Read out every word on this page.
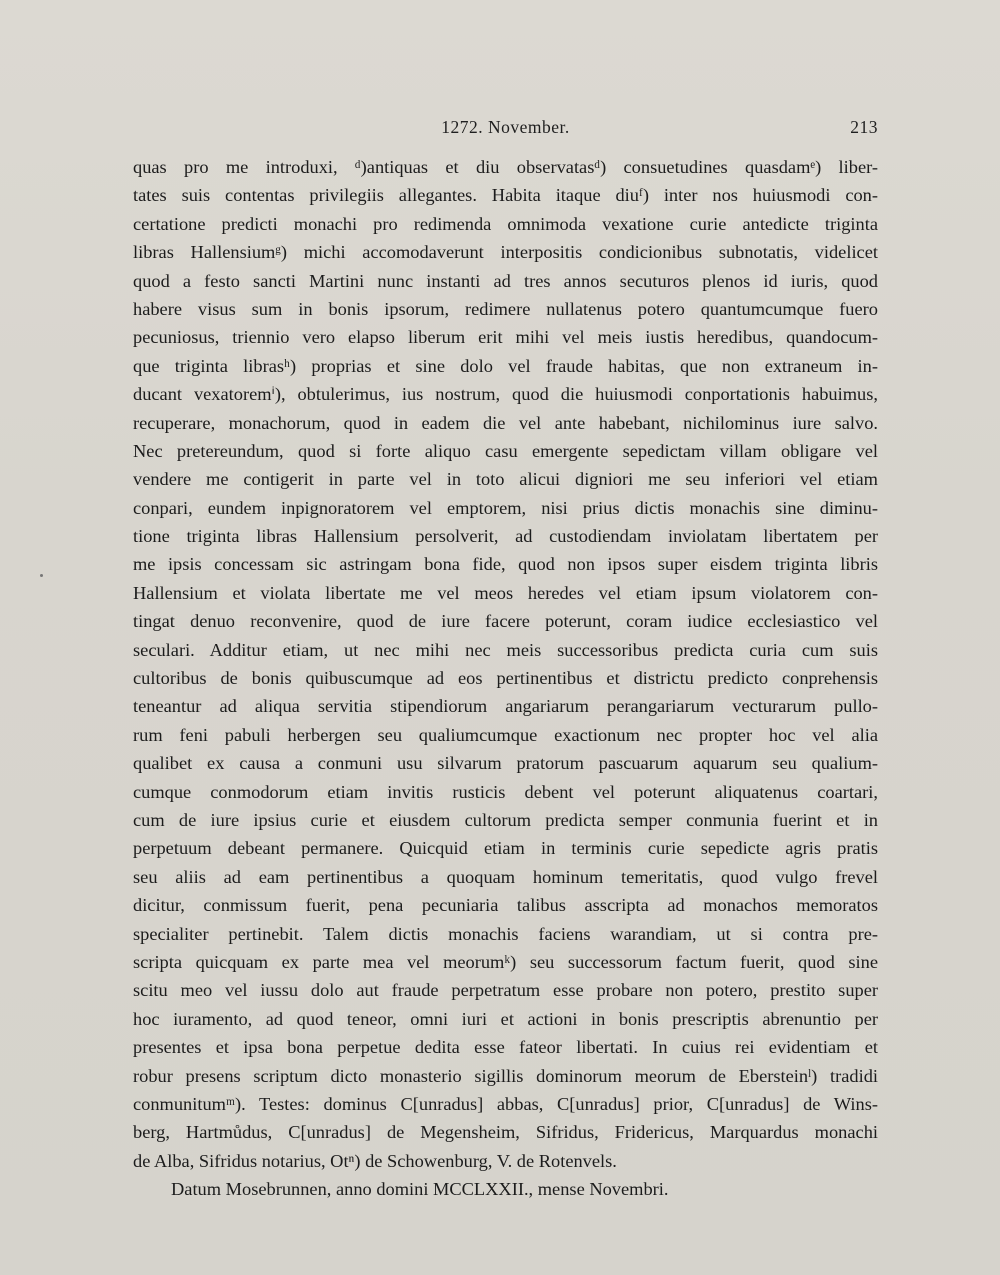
1272. November.	213
quas pro me introduxi, ᵈ)antiquas et diu observatasᵈ) consuetudines quasdamᵉ) liber-
tates suis contentas privilegiis allegantes. Habita itaque diuᶠ) inter nos huiusmodi con-
certatione predicti monachi pro redimenda omnimoda vexatione curie antedicte triginta
libras Hallensiumᵍ) michi accomodaverunt interpositis condicionibus subnotatis, videlicet
quod a festo sancti Martini nunc instanti ad tres annos secuturos plenos id iuris, quod
habere visus sum in bonis ipsorum, redimere nullatenus potero quantumcumque fuero
pecuniosus, triennio vero elapso liberum erit mihi vel meis iustis heredibus, quandocum-
que triginta librasʰ) proprias et sine dolo vel fraude habitas, que non extraneum in-
ducant vexatoremⁱ), obtulerimus, ius nostrum, quod die huiusmodi conportationis habuimus,
recuperare, monachorum, quod in eadem die vel ante habebant, nichilominus iure salvo.
Nec pretereundum, quod si forte aliquo casu emergente sepedictam villam obligare vel
vendere me contigerit in parte vel in toto alicui digniori me seu inferiori vel etiam
conpari, eundem inpignoratorem vel emptorem, nisi prius dictis monachis sine diminu-
tione triginta libras Hallensium persolverit, ad custodiendam inviolatam libertatem per
me ipsis concessam sic astringam bona fide, quod non ipsos super eisdem triginta libris
Hallensium et violata libertate me vel meos heredes vel etiam ipsum violatorem con-
tingat denuo reconvenire, quod de iure facere poterunt, coram iudice ecclesiastico vel
seculari. Additur etiam, ut nec mihi nec meis successoribus predicta curia cum suis
cultoribus de bonis quibuscumque ad eos pertinentibus et districtu predicto conprehensis
teneantur ad aliqua servitia stipendiorum angariarum perangariarum vecturarum pullo-
rum feni pabuli herbergen seu qualiumcumque exactionum nec propter hoc vel alia
qualibet ex causa a conmuni usu silvarum pratorum pascuarum aquarum seu qualium-
cumque conmodorum etiam invitis rusticis debent vel poterunt aliquatenus coartari,
cum de iure ipsius curie et eiusdem cultorum predicta semper conmunia fuerint et in
perpetuum debeant permanere. Quicquid etiam in terminis curie sepedicte agris pratis
seu aliis ad eam pertinentibus a quoquam hominum temeritatis, quod vulgo frevel
dicitur, conmissum fuerit, pena pecuniaria talibus asscripta ad monachos memoratos
specialiter pertinebit. Talem dictis monachis faciens warandiam, ut si contra pre-
scripta quicquam ex parte mea vel meorumᵏ) seu successorum factum fuerit, quod sine
scitu meo vel iussu dolo aut fraude perpetratum esse probare non potero, prestito super
hoc iuramento, ad quod teneor, omni iuri et actioni in bonis prescriptis abrenuntio per
presentes et ipsa bona perpetue dedita esse fateor libertati. In cuius rei evidentiam et
robur presens scriptum dicto monasterio sigillis dominorum meorum de Ebersteinˡ) tradidi
conmunitumᵐ). Testes: dominus C[unradus] abbas, C[unradus] prior, C[unradus] de Wins-
berg, Hartmůdus, C[unradus] de Megensheim, Sifridus, Fridericus, Marquardus monachi
de Alba, Sifridus notarius, Otⁿ) de Schowenburg, V. de Rotenvels.
Datum Mosebrunnen, anno domini MCCLXXII., mense Novembri.
